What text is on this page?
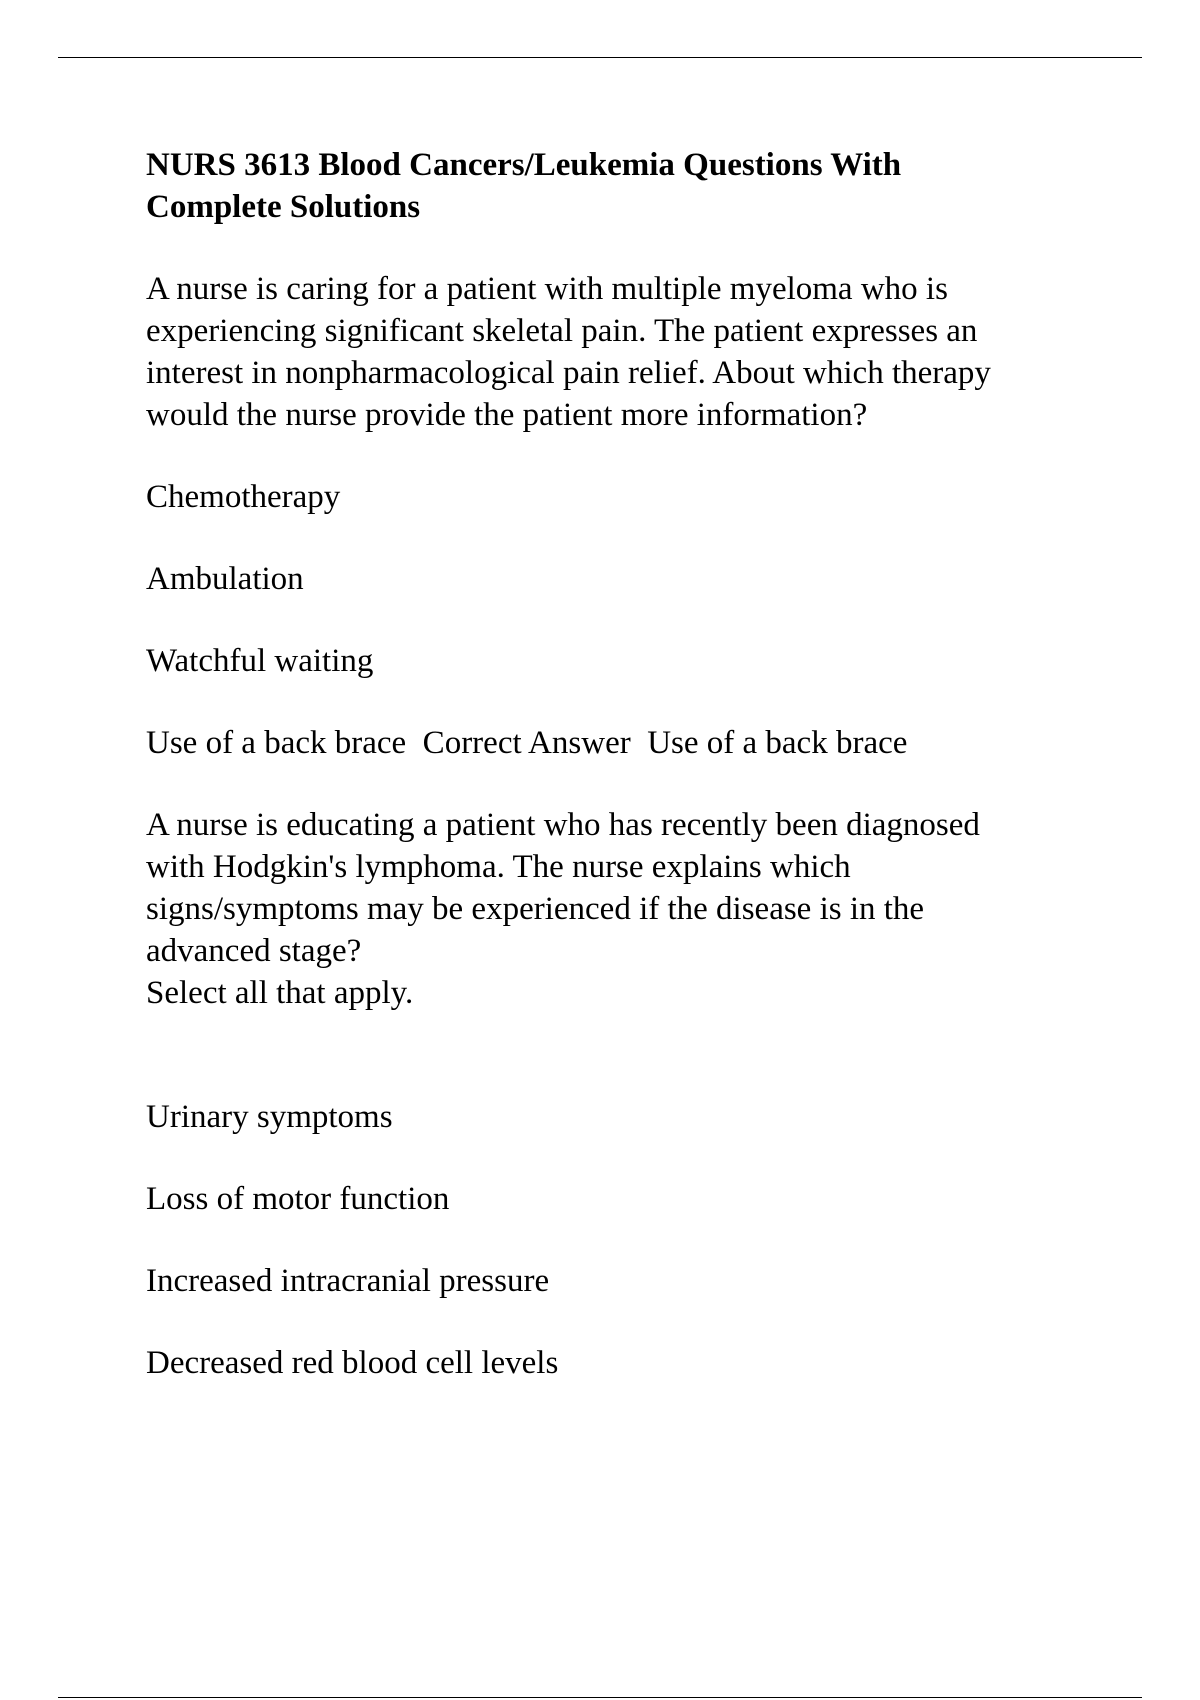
NURS 3613 Blood Cancers/Leukemia Questions With
Complete Solutions
A nurse is caring for a patient with multiple myeloma who is
experiencing significant skeletal pain. The patient expresses an
interest in nonpharmacological pain relief. About which therapy
would the nurse provide the patient more information?
Chemotherapy
Ambulation
Watchful waiting
Use of a back brace  Correct Answer  Use of a back brace
A nurse is educating a patient who has recently been diagnosed
with Hodgkin's lymphoma. The nurse explains which
signs/symptoms may be experienced if the disease is in the
advanced stage?
Select all that apply.
Urinary symptoms
Loss of motor function
Increased intracranial pressure
Decreased red blood cell levels
